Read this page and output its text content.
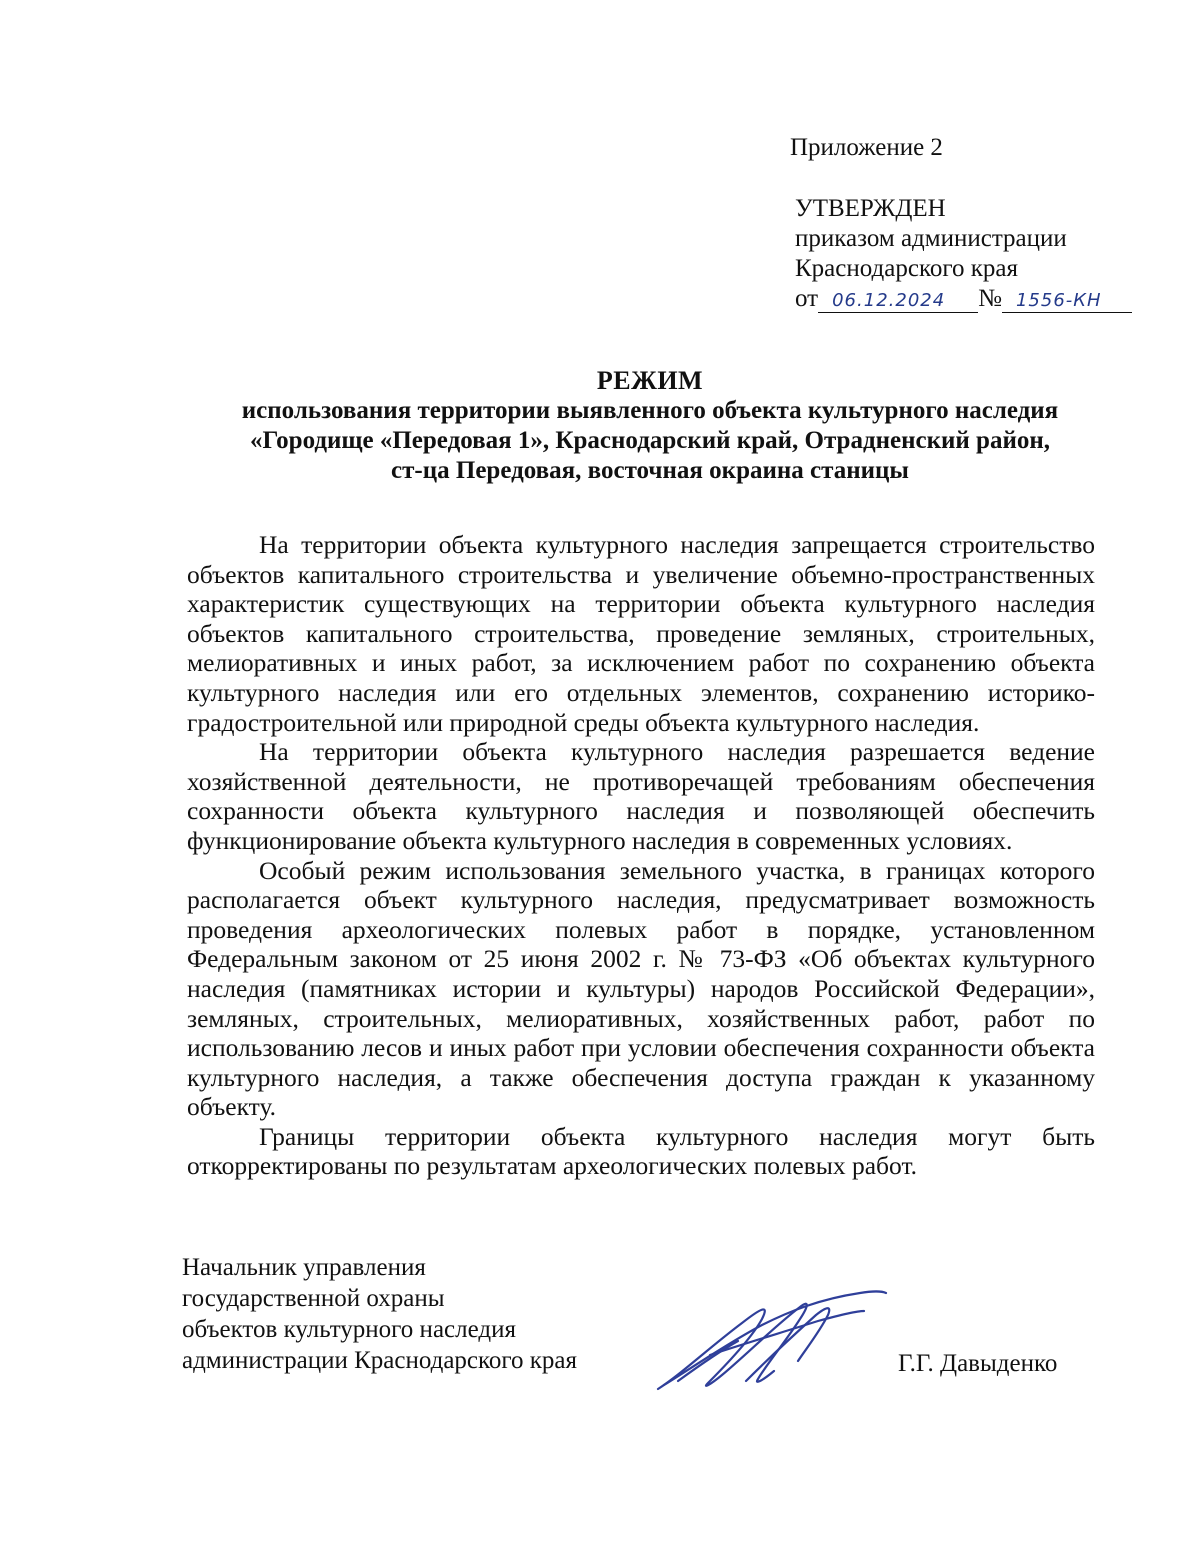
Приложение 2
УТВЕРЖДЕН
приказом администрации
Краснодарского края
от 06.12.2024	№ 1556-КН
РЕЖИМ
использования территории выявленного объекта культурного наследия
«Городище «Передовая 1», Краснодарский край, Отрадненский район,
ст-ца Передовая, восточная окраина станицы

На территории объекта культурного наследия запрещается строительство объектов капитального строительства и увеличение объемно-пространственных характеристик существующих на территории объекта культурного наследия объектов капитального строительства, проведение земляных, строительных, мелиоративных и иных работ, за исключением работ по сохранению объекта культурного наследия или его отдельных элементов, сохранению историко-градостроительной или природной среды объекта культурного наследия.

На территории объекта культурного наследия разрешается ведение хозяйственной деятельности, не противоречащей требованиям обеспечения сохранности объекта культурного наследия и позволяющей обеспечить функционирование объекта культурного наследия в современных условиях.

Особый режим использования земельного участка, в границах которого располагается объект культурного наследия, предусматривает возможность проведения археологических полевых работ в порядке, установленном Федеральным законом от 25 июня 2002 г. № 73-ФЗ «Об объектах культурного наследия (памятниках истории и культуры) народов Российской Федерации», земляных, строительных, мелиоративных, хозяйственных работ, работ по использованию лесов и иных работ при условии обеспечения сохранности объекта культурного наследия, а также обеспечения доступа граждан к указанному объекту.

Границы территории объекта культурного наследия могут быть откорректированы по результатам археологических полевых работ.

Начальник управления
государственной охраны
объектов культурного наследия
администрации Краснодарского края	Г.Г. Давыденко
